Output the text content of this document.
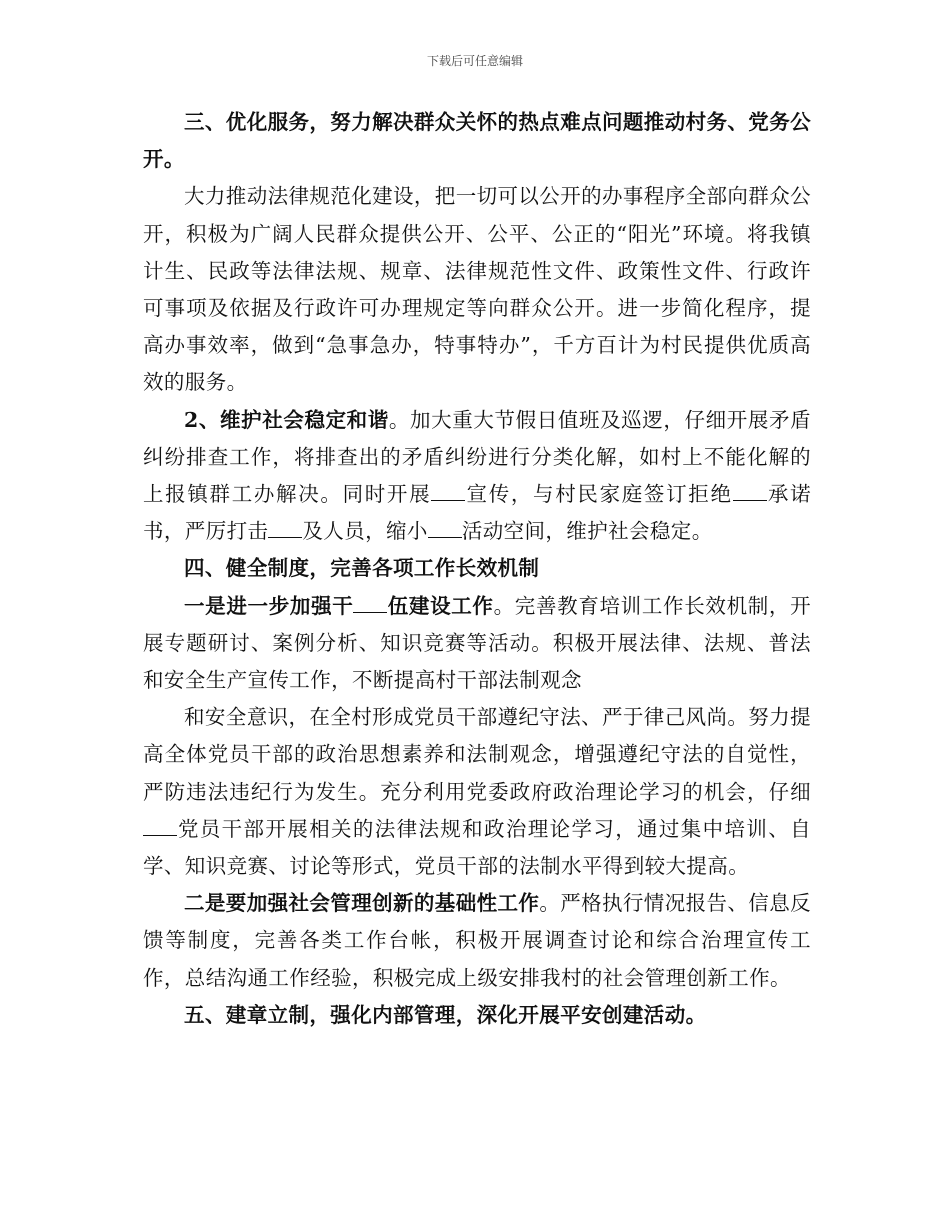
下载后可任意编辑

三、优化服务，努力解决群众关怀的热点难点问题推动村务、党务公开。

大力推动法律规范化建设，把一切可以公开的办事程序全部向群众公开，积极为广阔人民群众提供公开、公平、公正的“阳光”环境。将我镇计生、民政等法律法规、规章、法律规范性文件、政策性文件、行政许可事项及依据及行政许可办理规定等向群众公开。进一步简化程序，提高办事效率，做到“急事急办，特事特办”，千方百计为村民提供优质高效的服务。

2、维护社会稳定和谐。加大重大节假日值班及巡逻，仔细开展矛盾纠纷排查工作，将排查出的矛盾纠纷进行分类化解，如村上不能化解的上报镇群工办解决。同时开展 宣传，与村民家庭签订拒绝 承诺书，严厉打击 及人员，缩小 活动空间，维护社会稳定。

四、健全制度，完善各项工作长效机制

一是进一步加强干 伍建设工作。完善教育培训工作长效机制，开展专题研讨、案例分析、知识竞赛等活动。积极开展法律、法规、普法和安全生产宣传工作，不断提高村干部法制观念

和安全意识，在全村形成党员干部遵纪守法、严于律己风尚。努力提高全体党员干部的政治思想素养和法制观念，增强遵纪守法的自觉性，严防违法违纪行为发生。充分利用党委政府政治理论学习的机会，仔细党员干部开展相关的法律法规和政治理论学习，通过集中培训、自学、知识竞赛、讨论等形式，党员干部的法制水平得到较大提高。

二是要加强社会管理创新的基础性工作。严格执行情况报告、信息反馈等制度，完善各类工作台帐，积极开展调查讨论和综合治理宣传工作，总结沟通工作经验，积极完成上级安排我村的社会管理创新工作。

五、建章立制，强化内部管理，深化开展平安创建活动。
